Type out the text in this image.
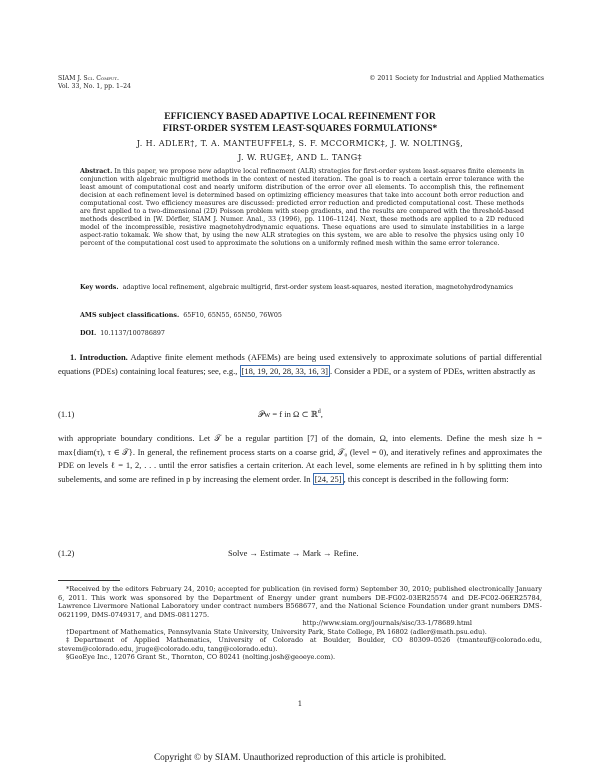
SIAM J. Sci. Comput.
Vol. 33, No. 1, pp. 1–24
© 2011 Society for Industrial and Applied Mathematics
EFFICIENCY BASED ADAPTIVE LOCAL REFINEMENT FOR
FIRST-ORDER SYSTEM LEAST-SQUARES FORMULATIONS*
J. H. ADLER†, T. A. MANTEUFFEL‡, S. F. MCCORMICK‡, J. W. NOLTING§,
J. W. RUGE‡, AND L. TANG‡

Abstract. In this paper, we propose new adaptive local refinement (ALR) strategies for first-order system least-squares finite elements in conjunction with algebraic multigrid methods in the context of nested iteration. The goal is to reach a certain error tolerance with the least amount of computational cost and nearly uniform distribution of the error over all elements. To accomplish this, the refinement decision at each refinement level is determined based on optimizing efficiency measures that take into account both error reduction and computational cost. Two efficiency measures are discussed: predicted error reduction and predicted computational cost. These methods are first applied to a two-dimensional (2D) Poisson problem with steep gradients, and the results are compared with the threshold-based methods described in [W. Dörfler, SIAM J. Numer. Anal., 33 (1996), pp. 1106–1124]. Next, these methods are applied to a 2D reduced model of the incompressible, resistive magnetohydrodynamic equations. These equations are used to simulate instabilities in a large aspect-ratio tokamak. We show that, by using the new ALR strategies on this system, we are able to resolve the physics using only 10 percent of the computational cost used to approximate the solutions on a uniformly refined mesh within the same error tolerance.

Key words. adaptive local refinement, algebraic multigrid, first-order system least-squares, nested iteration, magnetohydrodynamics
AMS subject classifications. 65F10, 65N55, 65N50, 76W05
DOI. 10.1137/100786897

1. Introduction. Adaptive finite element methods (AFEMs) are being used extensively to approximate solutions of partial differential equations (PDEs) containing local features; see, e.g., [18, 19, 20, 28, 33, 16, 3] . Consider a PDE, or a system of PDEs, written abstractly as

(1.1)	𝒫w = f in Ω ⊂ ℝ$^d$,

with appropriate boundary conditions. Let 𝒯 be a regular partition [7] of the domain, Ω, into elements. Define the mesh size h = max{diam(τ), τ ∈ 𝒯}. In general, the refinement process starts on a coarse grid, 𝒯₀ (level = 0), and iteratively refines and approximates the PDE on levels ℓ = 1, 2, . . . until the error satisfies a certain criterion. At each level, some elements are refined in h by splitting them into subelements, and some are refined in p by increasing the element order. In [24, 25] , this concept is described in the following form:

(1.2)	Solve → Estimate → Mark → Refine.

*Received by the editors February 24, 2010; accepted for publication (in revised form) September 30, 2010; published electronically January 6, 2011. This work was sponsored by the Department of Energy under grant numbers DE-FG02-03ER25574 and DE-FC02-06ER25784, Lawrence Livermore National Laboratory under contract numbers B568677, and the National Science Foundation under grant numbers DMS-0621199, DMS-0749317, and DMS-0811275.

http://www.siam.org/journals/sisc/33-1/78689.html

†Department of Mathematics, Pennsylvania State University, University Park, State College, PA 16802 (adler@math.psu.edu).

‡Department of Applied Mathematics, University of Colorado at Boulder, Boulder, CO 80309–0526 (tmanteuf@colorado.edu, stevem@colorado.edu, jruge@colorado.edu, tang@colorado.edu).

§GeoEye Inc., 12076 Grant St., Thornton, CO 80241 (nolting.josh@geoeye.com).

1
Copyright © by SIAM. Unauthorized reproduction of this article is prohibited.
